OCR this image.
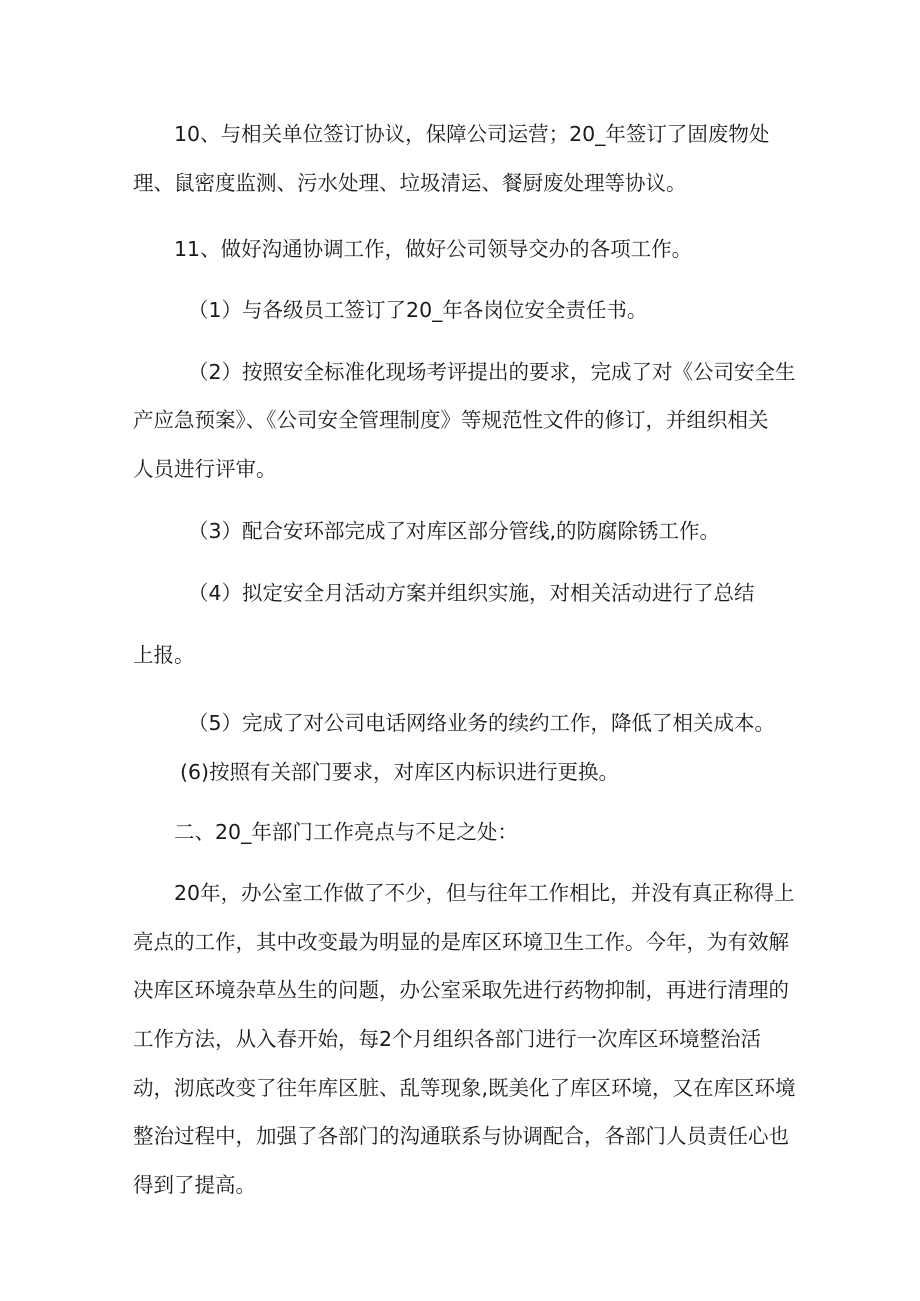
10、与相关单位签订协议，保障公司运营；20_年签订了固废物处
理、鼠密度监测、污水处理、垃圾清运、餐厨废处理等协议。
11、做好沟通协调工作，做好公司领导交办的各项工作。
（1）与各级员工签订了20_年各岗位安全责任书。
（2）按照安全标准化现场考评提出的要求，完成了对《公司安全生
产应急预案》、《公司安全管理制度》等规范性文件的修订，并组织相关
人员进行评审。
（3）配合安环部完成了对库区部分管线,的防腐除锈工作。
（4）拟定安全月活动方案并组织实施，对相关活动进行了总结
上报。
（5）完成了对公司电话网络业务的续约工作，降低了相关成本。
(6)按照有关部门要求，对库区内标识进行更换。
二、20_年部门工作亮点与不足之处：
20年，办公室工作做了不少，但与往年工作相比，并没有真正称得上
亮点的工作，其中改变最为明显的是库区环境卫生工作。今年，为有效解
决库区环境杂草丛生的问题，办公室采取先进行药物抑制，再进行清理的
工作方法，从入春开始，每2个月组织各部门进行一次库区环境整治活
动，沏底改变了往年库区脏、乱等现象,既美化了库区环境，又在库区环境
整治过程中，加强了各部门的沟通联系与协调配合，各部门人员责任心也
得到了提高。
